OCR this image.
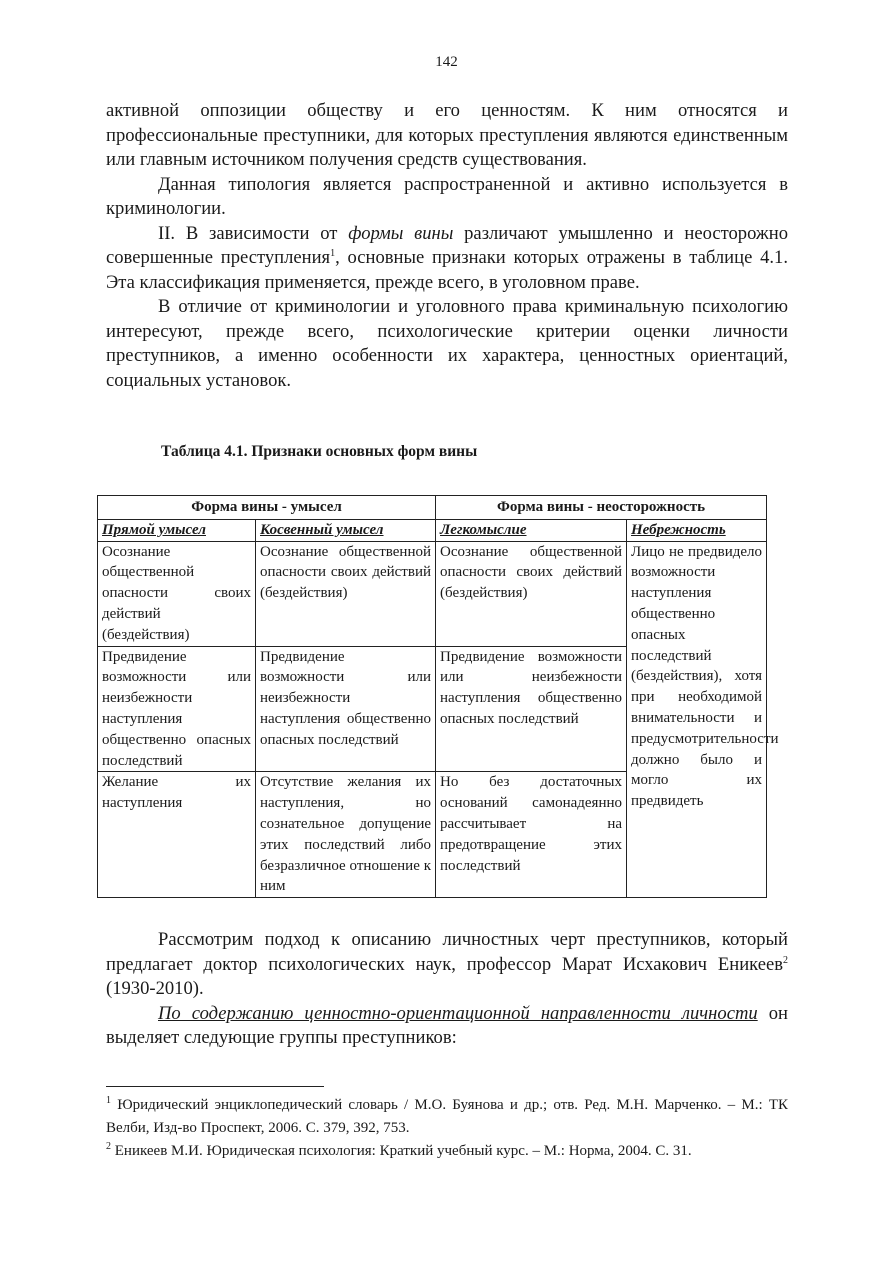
142

активной оппозиции обществу и его ценностям. К ним относятся и профессиональные преступники, для которых преступления являются единственным или главным источником получения средств существования.

Данная типология является распространенной и активно используется в криминологии.

II. В зависимости от формы вины различают умышленно и неосторожно совершенные преступления$^1$, основные признаки которых отражены в таблице 4.1. Эта классификация применяется, прежде всего, в уголовном праве.

В отличие от криминологии и уголовного права криминальную психологию интересуют, прежде всего, психологические критерии оценки личности преступников, а именно особенности их характера, ценностных ориентаций, социальных установок.

Таблица 4.1. Признаки основных форм вины
Форма вины - умысел		Форма вины - неосторожность	
Прямой умысел	Косвенный умысел	Легкомыслие	Небрежность
Осознание общественной опасности своих действий (бездействия)	Осознание общественной опасности своих действий (бездействия)	Осознание общественной опасности своих действий (бездействия)	Лицо не предвидело возможности наступления общественно опасных последствий (бездействия), хотя при необходимой внимательности и предусмотрительности должно было и могло их предвидеть
Предвидение возможности или неизбежности наступления общественно опасных последствий	Предвидение возможности или неизбежности наступления общественно опасных последствий	Предвидение возможности или неизбежности наступления общественно опасных последствий	
Желание их наступления	Отсутствие желания их наступления, но сознательное допущение этих последствий либо безразличное отношение к ним	Но без достаточных оснований самонадеянно рассчитывает на предотвращение этих последствий	

Рассмотрим подход к описанию личностных черт преступников, который предлагает доктор психологических наук, профессор Марат Исхакович Еникеев$^2$ (1930-2010).

По содержанию ценностно-ориентационной направленности личности он выделяет следующие группы преступников:

$^1$ Юридический энциклопедический словарь / М.О. Буянова и др.; отв. Ред. М.Н. Марченко. – М.: ТК Велби, Изд-во Проспект, 2006. С. 379, 392, 753.

$^2$ Еникеев М.И. Юридическая психология: Краткий учебный курс. – М.: Норма, 2004. С. 31.
